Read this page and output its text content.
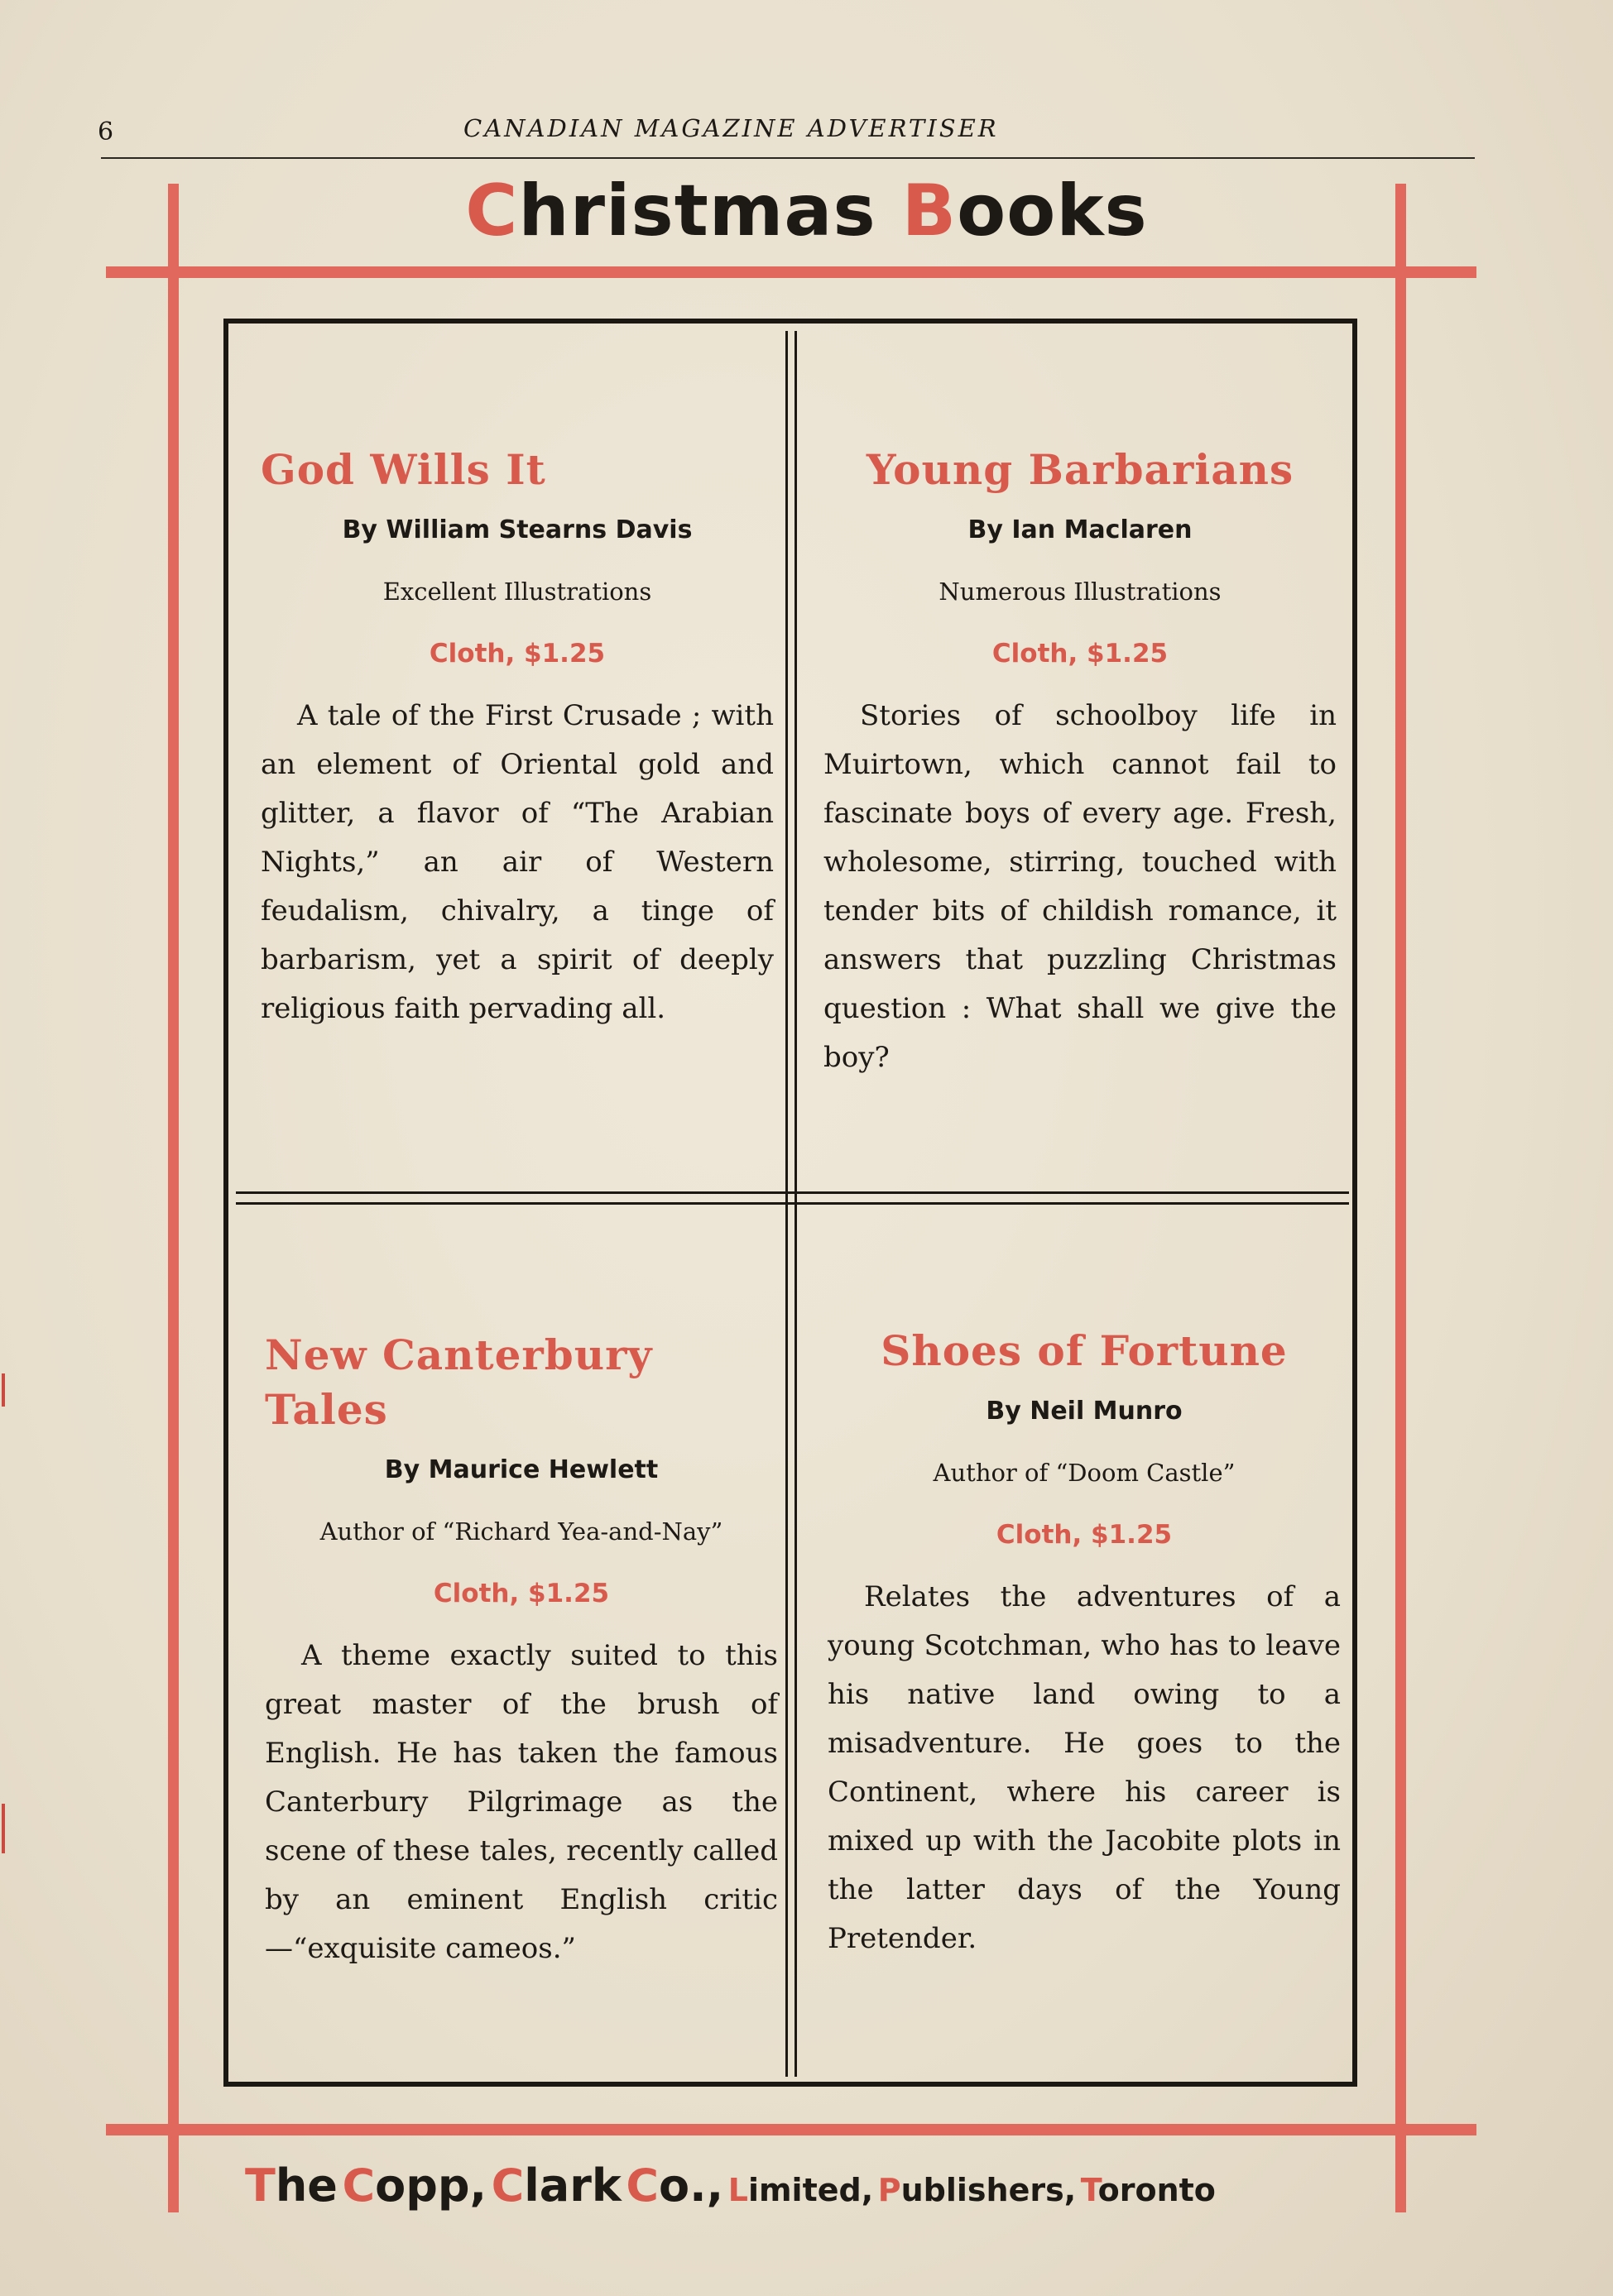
6	CANADIAN MAGAZINE ADVERTISER
Christmas Books
God Wills It
By William Stearns Davis
Excellent Illustrations
Cloth, $1.25
A tale of the First Crusade ; with an element of Oriental gold and glitter, a flavor of “The Arabian Nights,” an air of Western feudalism, chivalry, a tinge of barbarism, yet a spirit of deeply religious faith pervading all.
Young Barbarians
By Ian Maclaren
Numerous Illustrations
Cloth, $1.25
Stories of schoolboy life in Muirtown, which cannot fail to fascinate boys of every age. Fresh, wholesome, stirring, touched with tender bits of childish romance, it answers that puzzling Christmas question : What shall we give the boy?
New Canterbury Tales
By Maurice Hewlett
Author of “Richard Yea-and-Nay”
Cloth, $1.25
A theme exactly suited to this great master of the brush of English. He has taken the famous Canterbury Pilgrimage as the scene of these tales, recently called by an eminent English critic—“exquisite cameos.”
Shoes of Fortune
By Neil Munro
Author of “Doom Castle”
Cloth, $1.25
Relates the adventures of a young Scotchman, who has to leave his native land owing to a misadventure. He goes to the Continent, where his career is mixed up with the Jacobite plots in the latter days of the Young Pretender.
The Copp, Clark Co., Limited, Publishers, Toronto
